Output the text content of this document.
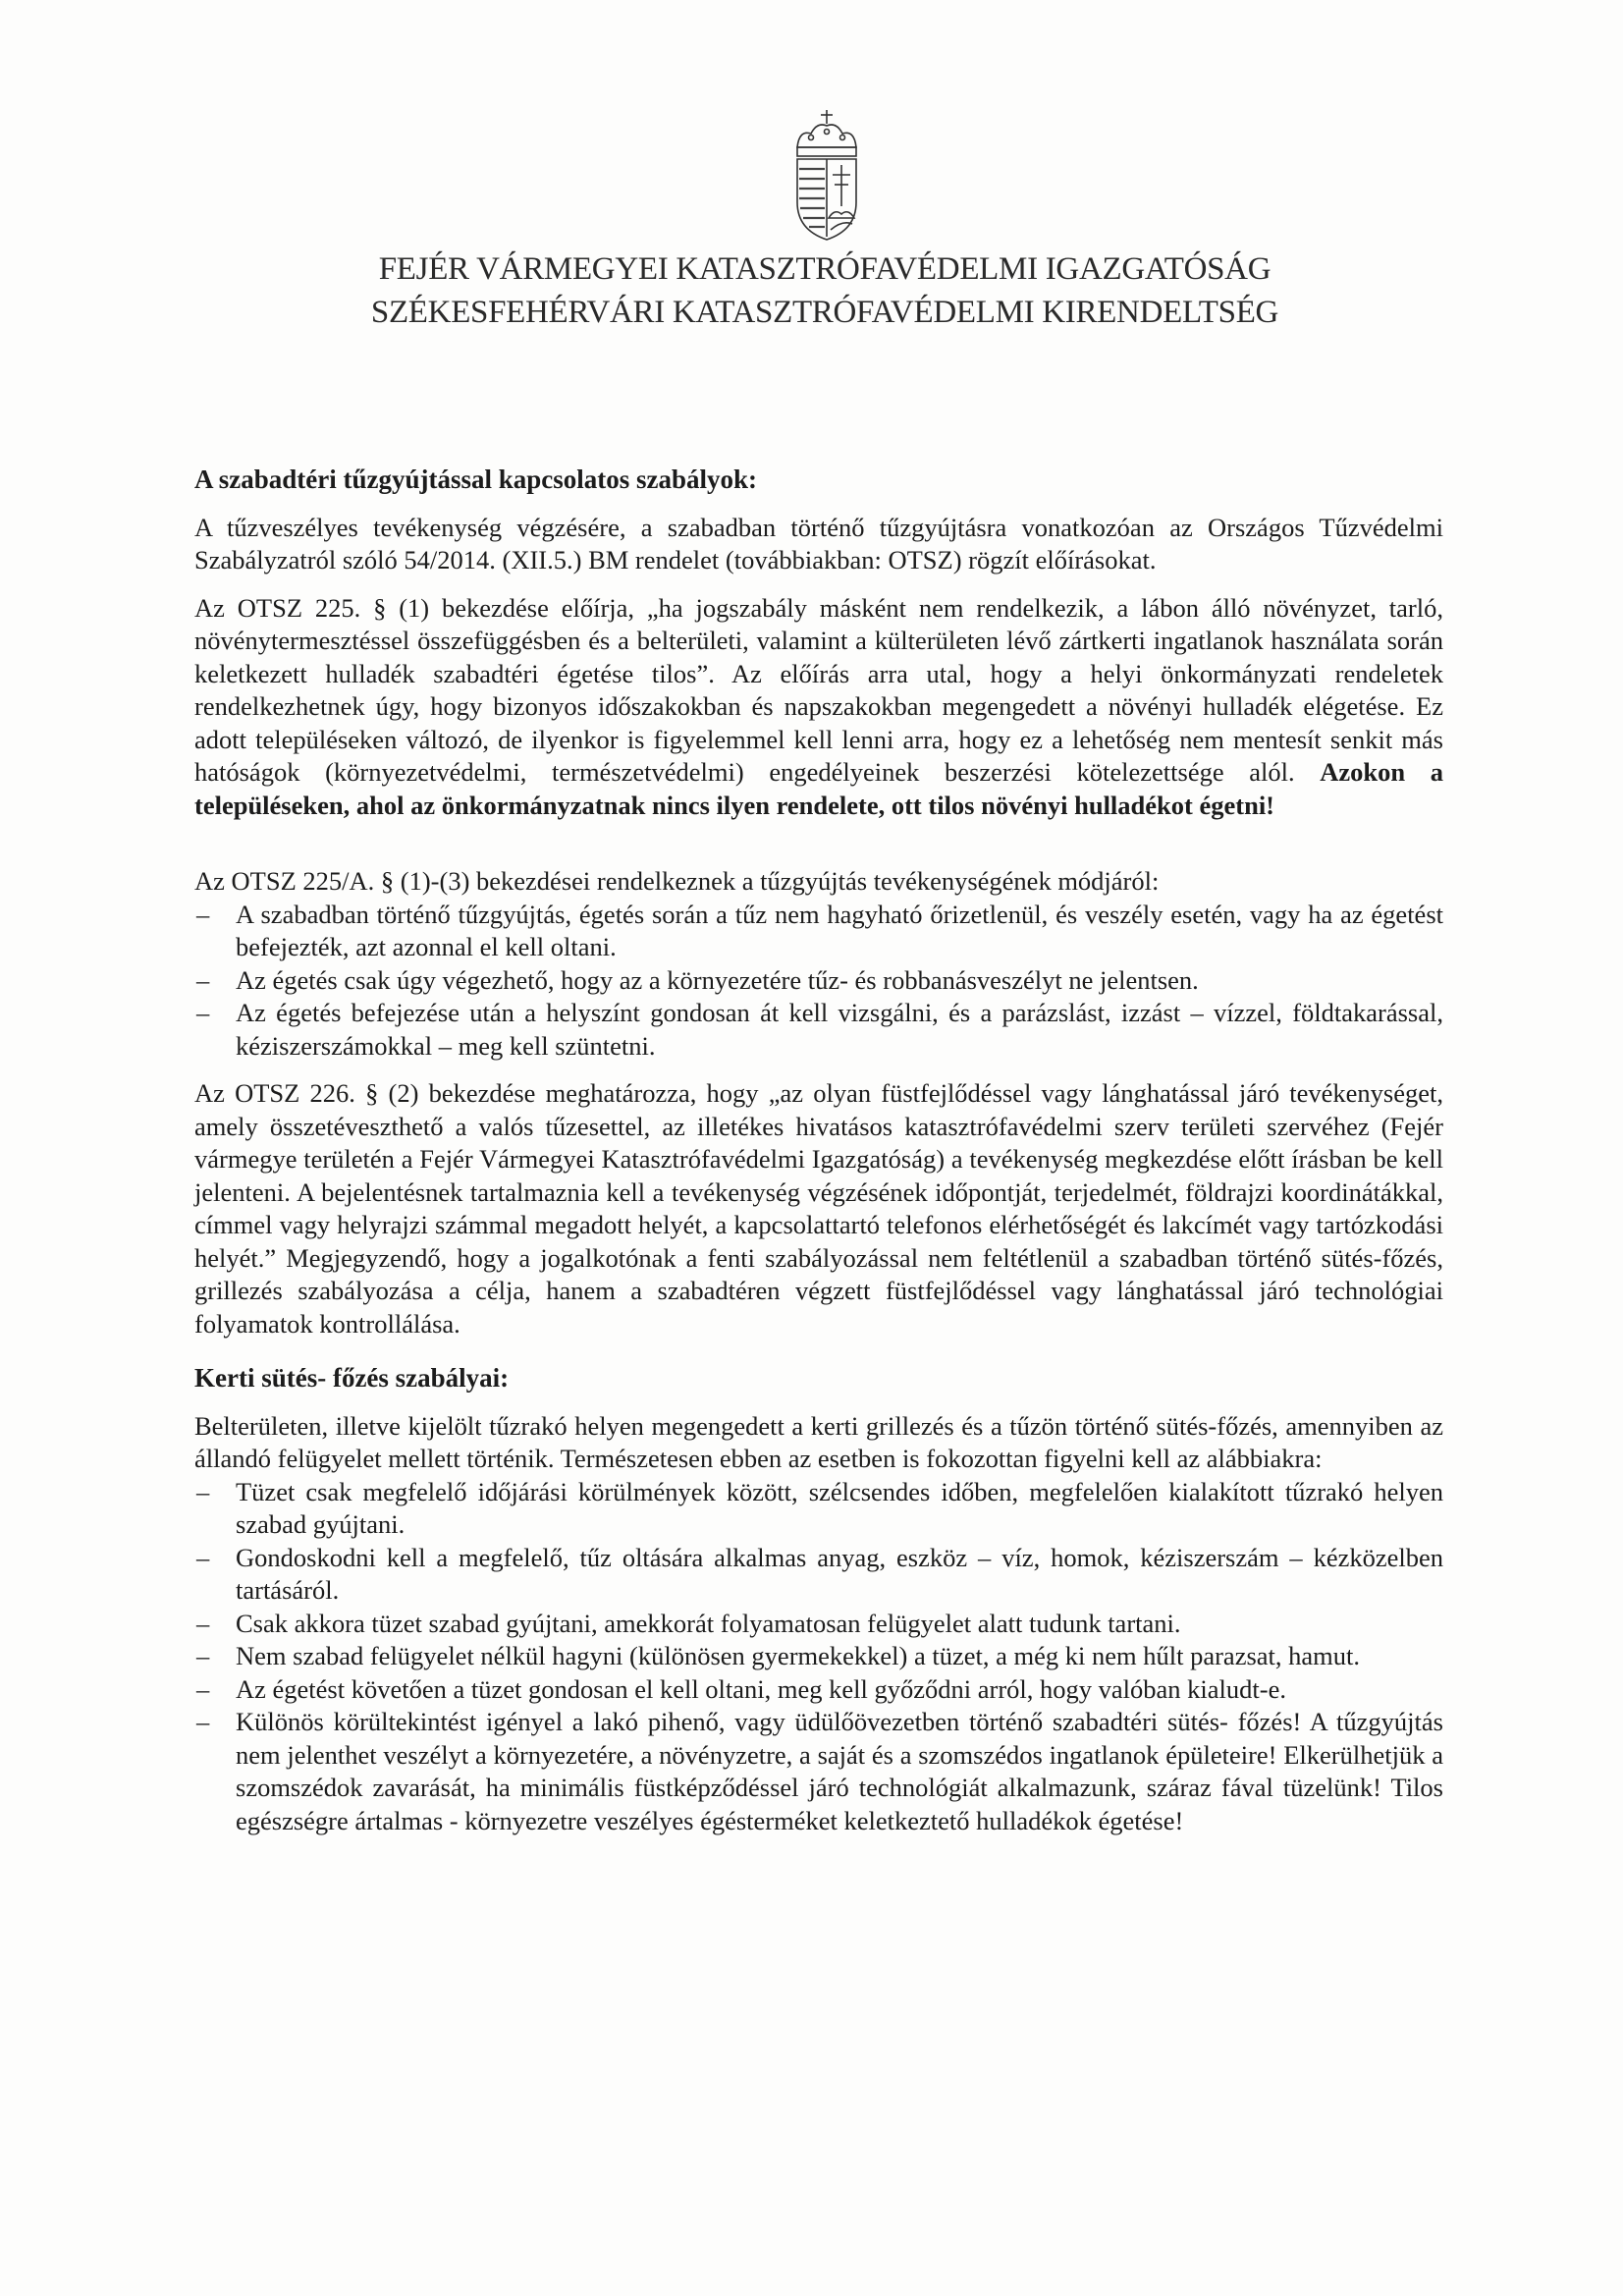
FEJÉR VÁRMEGYEI KATASZTRÓFAVÉDELMI IGAZGATÓSÁG
SZÉKESFEHÉRVÁRI KATASZTRÓFAVÉDELMI KIRENDELTSÉG

A szabadtéri tűzgyújtással kapcsolatos szabályok:

A tűzveszélyes tevékenység végzésére, a szabadban történő tűzgyújtásra vonatkozóan az Országos Tűzvédelmi Szabályzatról szóló 54/2014. (XII.5.) BM rendelet (továbbiakban: OTSZ) rögzít előírásokat.

Az OTSZ 225. § (1) bekezdése előírja, „ha jogszabály másként nem rendelkezik, a lábon álló növényzet, tarló, növénytermesztéssel összefüggésben és a belterületi, valamint a külterületen lévő zártkerti ingatlanok használata során keletkezett hulladék szabadtéri égetése tilos”. Az előírás arra utal, hogy a helyi önkormányzati rendeletek rendelkezhetnek úgy, hogy bizonyos időszakokban és napszakokban megengedett a növényi hulladék elégetése. Ez adott településeken változó, de ilyenkor is figyelemmel kell lenni arra, hogy ez a lehetőség nem mentesít senkit más hatóságok (környezetvédelmi, természetvédelmi) engedélyeinek beszerzési kötelezettsége alól. Azokon a településeken, ahol az önkormányzatnak nincs ilyen rendelete, ott tilos növényi hulladékot égetni!

Az OTSZ 225/A. § (1)-(3) bekezdései rendelkeznek a tűzgyújtás tevékenységének módjáról:

– A szabadban történő tűzgyújtás, égetés során a tűz nem hagyható őrizetlenül, és veszély esetén, vagy ha az égetést befejezték, azt azonnal el kell oltani.
– Az égetés csak úgy végezhető, hogy az a környezetére tűz- és robbanásveszélyt ne jelentsen.
– Az égetés befejezése után a helyszínt gondosan át kell vizsgálni, és a parázslást, izzást – vízzel, földtakarással, kéziszerszámokkal – meg kell szüntetni.

Az OTSZ 226. § (2) bekezdése meghatározza, hogy „az olyan füstfejlődéssel vagy lánghatással járó tevékenységet, amely összetéveszthető a valós tűzesettel, az illetékes hivatásos katasztrófavédelmi szerv területi szervéhez (Fejér vármegye területén a Fejér Vármegyei Katasztrófavédelmi Igazgatóság) a tevékenység megkezdése előtt írásban be kell jelenteni. A bejelentésnek tartalmaznia kell a tevékenység végzésének időpontját, terjedelmét, földrajzi koordinátákkal, címmel vagy helyrajzi számmal megadott helyét, a kapcsolattartó telefonos elérhetőségét és lakcímét vagy tartózkodási helyét.” Megjegyzendő, hogy a jogalkotónak a fenti szabályozással nem feltétlenül a szabadban történő sütés-főzés, grillezés szabályozása a célja, hanem a szabadtéren végzett füstfejlődéssel vagy lánghatással járó technológiai folyamatok kontrollálása.

Kerti sütés- főzés szabályai:

Belterületen, illetve kijelölt tűzrakó helyen megengedett a kerti grillezés és a tűzön történő sütés-főzés, amennyiben az állandó felügyelet mellett történik. Természetesen ebben az esetben is fokozottan figyelni kell az alábbiakra:

– Tüzet csak megfelelő időjárási körülmények között, szélcsendes időben, megfelelően kialakított tűzrakó helyen szabad gyújtani.
– Gondoskodni kell a megfelelő, tűz oltására alkalmas anyag, eszköz – víz, homok, kéziszerszám – kézközelben tartásáról.
– Csak akkora tüzet szabad gyújtani, amekkorát folyamatosan felügyelet alatt tudunk tartani.
– Nem szabad felügyelet nélkül hagyni (különösen gyermekekkel) a tüzet, a még ki nem hűlt parazsat, hamut.
– Az égetést követően a tüzet gondosan el kell oltani, meg kell győződni arról, hogy valóban kialudt-e.
– Különös körültekintést igényel a lakó pihenő, vagy üdülőövezetben történő szabadtéri sütés- főzés! A tűzgyújtás nem jelenthet veszélyt a környezetére, a növényzetre, a saját és a szomszédos ingatlanok épületeire! Elkerülhetjük a szomszédok zavarását, ha minimális füstképződéssel járó technológiát alkalmazunk, száraz fával tüzelünk! Tilos egészségre ártalmas - környezetre veszélyes égésterméket keletkeztető hulladékok égetése!
